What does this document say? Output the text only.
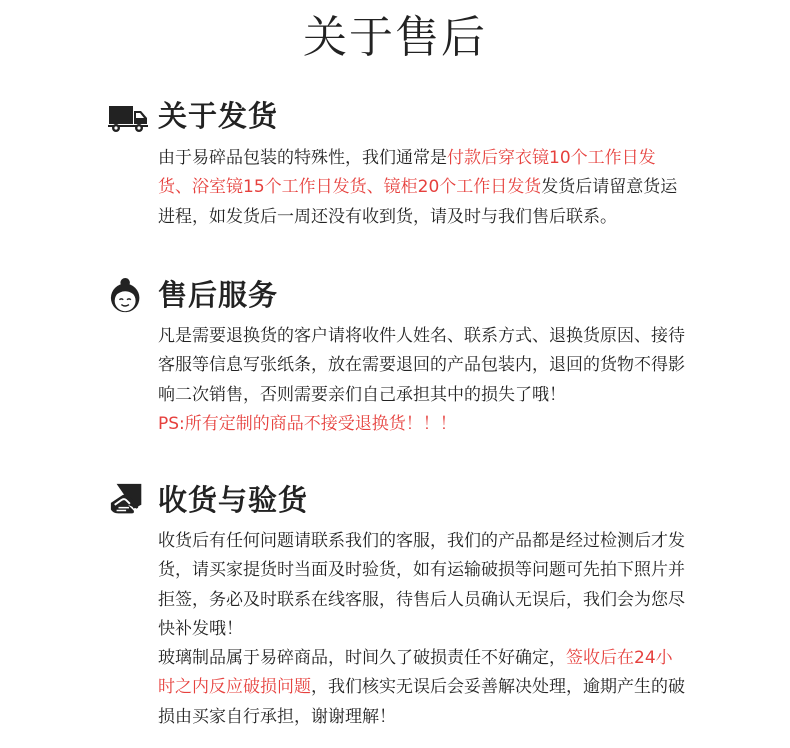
关于售后
关于发货

由于易碎品包装的特殊性，我们通常是付款后穿衣镜10个工作日发货、浴室镜15个工作日发货、镜柜20个工作日发货发货后请留意货运进程，如发货后一周还没有收到货，请及时与我们售后联系。

售后服务

凡是需要退换货的客户请将收件人姓名、联系方式、退换货原因、接待客服等信息写张纸条，放在需要退回的产品包装内，退回的货物不得影响二次销售，否则需要亲们自己承担其中的损失了哦！

PS:所有定制的商品不接受退换货！！！

收货与验货

收货后有任何问题请联系我们的客服，我们的产品都是经过检测后才发货，请买家提货时当面及时验货，如有运输破损等问题可先拍下照片并拒签，务必及时联系在线客服，待售后人员确认无误后，我们会为您尽快补发哦！

玻璃制品属于易碎商品，时间久了破损责任不好确定，签收后在24小时之内反应破损问题，我们核实无误后会妥善解决处理，逾期产生的破损由买家自行承担，谢谢理解！
